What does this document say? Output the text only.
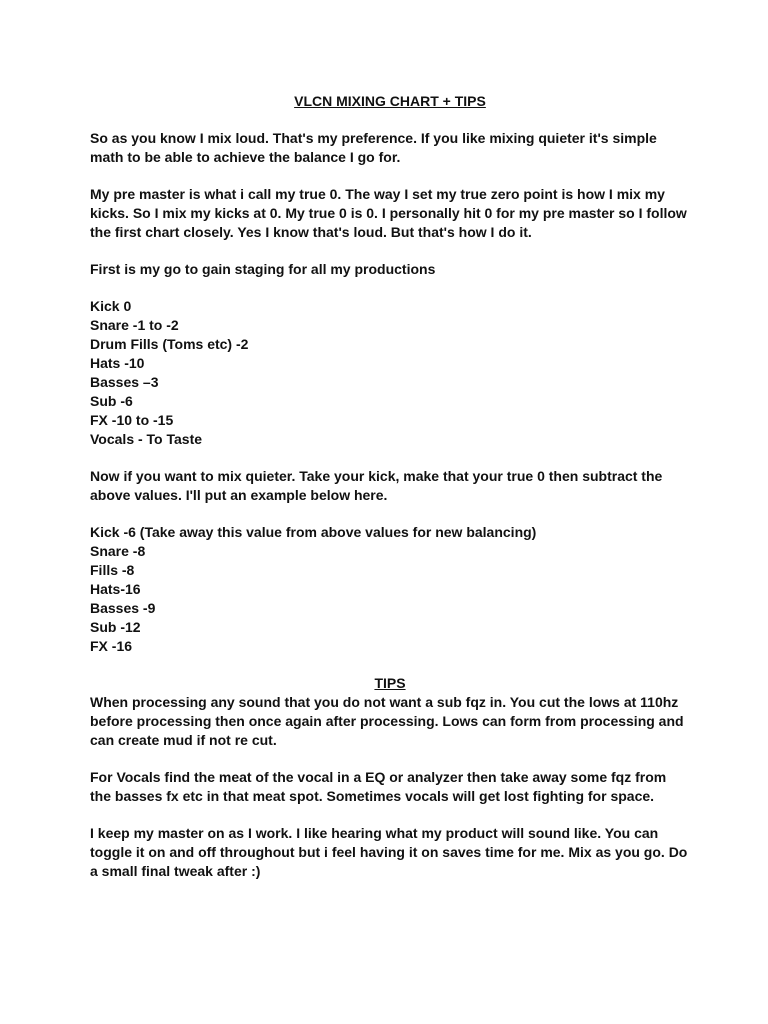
VLCN MIXING CHART + TIPS

So as you know I mix loud. That's my preference. If you like mixing quieter it's simple math to be able to achieve the balance I go for.

My pre master is what i call my true 0. The way I set my true zero point is how I mix my kicks. So I mix my kicks at 0. My true 0 is 0. I personally hit 0 for my pre master so I follow the first chart closely. Yes I know that's loud. But that's how I do it.

First is my go to gain staging for all my productions

Kick 0
Snare -1 to -2
Drum Fills (Toms etc) -2
Hats -10
Basses –3
Sub -6
FX -10 to -15
Vocals - To Taste

Now if you want to mix quieter. Take your kick, make that your true 0 then subtract the above values. I'll put an example below here.

Kick -6 (Take away this value from above values for new balancing)
Snare -8
Fills -8
Hats-16
Basses -9
Sub -12
FX -16
TIPS

When processing any sound that you do not want a sub fqz in. You cut the lows at 110hz before processing then once again after processing. Lows can form from processing and can create mud if not re cut.

For Vocals find the meat of the vocal in a EQ or analyzer then take away some fqz from the basses fx etc in that meat spot. Sometimes vocals will get lost fighting for space.

I keep my master on as I work. I like hearing what my product will sound like. You can toggle it on and off throughout but i feel having it on saves time for me. Mix as you go. Do a small final tweak after :)
